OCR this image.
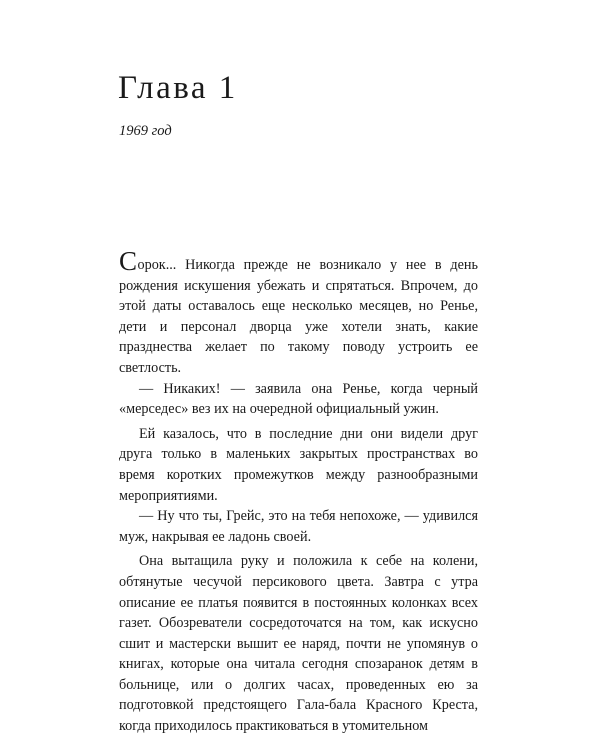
Глава 1
1969 год

Сорок... Никогда прежде не возникало у нее в день рождения искушения убежать и спрятаться. Впрочем, до этой даты оставалось еще несколько месяцев, но Ренье, дети и персонал дворца уже хотели знать, какие празднества желает по такому поводу устроить ее светлость.

— Никаких! — заявила она Ренье, когда черный «мерседес» вез их на очередной официальный ужин.

Ей казалось, что в последние дни они видели друг друга только в маленьких закрытых пространствах во время коротких промежутков между разнообразными мероприятиями.

— Ну что ты, Грейс, это на тебя непохоже, — удивился муж, накрывая ее ладонь своей.

Она вытащила руку и положила к себе на колени, обтянутые чесучой персикового цвета. Завтра с утра описание ее платья появится в постоянных колонках всех газет. Обозреватели сосредоточатся на том, как искусно сшит и мастерски вышит ее наряд, почти не упомянув о книгах, которые она читала сегодня спозаранок детям в больнице, или о долгих часах, проведенных ею за подготовкой предстоящего Гала-бала Красного Креста, когда приходилось практиковаться в утомительном
